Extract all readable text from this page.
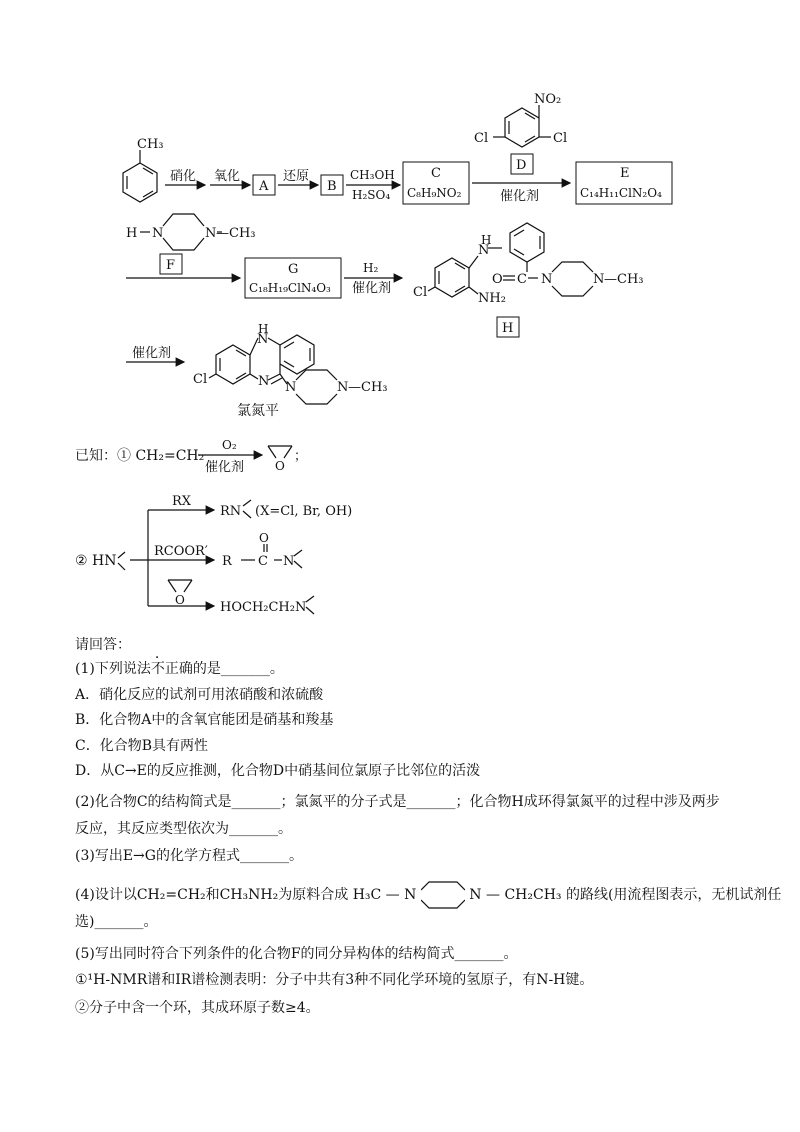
CH₃
硝化 氧化
A
还原
B
CH₃OH
H₂SO₄
C
C₈H₉NO₂
NO₂
Cl	Cl
D
催化剂
E
C₁₄H₁₁ClN₂O₄
H N	N —CH₃
F	G
C₁₈H₁₉ClN₄O₃
H₂
催化剂
H
N
Cl	NH₂
O C N	N —CH₃
H
催化剂
H
N
N
Cl
N	N —CH₃
氯氮平
已知：① CH₂=CH₂
O₂
催化剂	O
；
② HN
RX
RN (X=Cl, Br, OH)
RCOOR′
R C
O
N
O	HOCH₂CH₂N
请回答：
(1)下列说法不正确的是_______。
A．硝化反应的试剂可用浓硝酸和浓硫酸
B．化合物A中的含氧官能团是硝基和羧基
C．化合物B具有两性
D．从C→E的反应推测，化合物D中硝基间位氯原子比邻位的活泼
(2)化合物C的结构简式是_______；氯氮平的分子式是_______；化合物H成环得氯氮平的过程中涉及两步
反应，其反应类型依次为_______。
(3)写出E→G的化学方程式_______。
(4)设计以CH₂=CH₂和CH₃NH₂为原料合成 H₃C — N	N — CH₂CH₃ 的路线(用流程图表示，无机试剂任
选)_______。
(5)写出同时符合下列条件的化合物F的同分异构体的结构简式_______。
①¹H-NMR谱和IR谱检测表明：分子中共有3种不同化学环境的氢原子，有N-H键。
②分子中含一个环，其成环原子数≥4。
